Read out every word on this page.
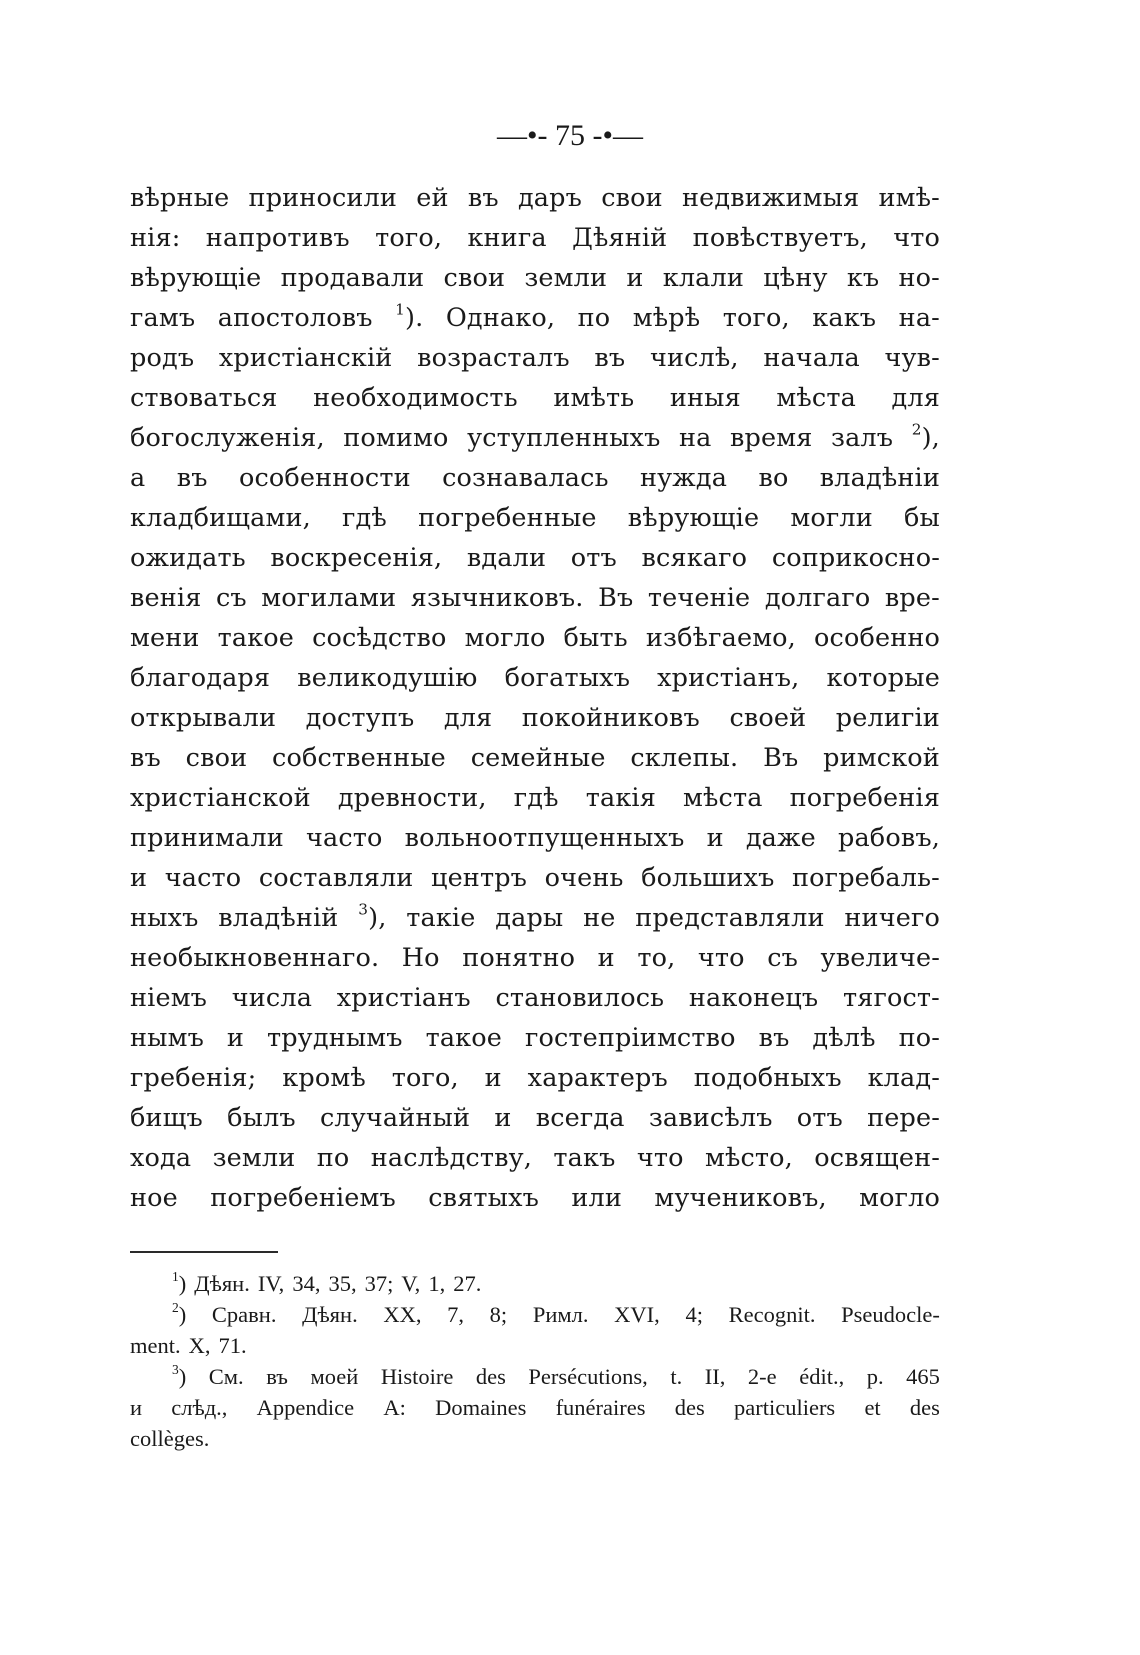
—•- 75 -•—
вѣрные приносили ей въ даръ свои недвижимыя имѣ-
нія: напротивъ того, книга Дѣяній повѣствуетъ, что
вѣрующіе продавали свои земли и клали цѣну къ но-
гамъ апостоловъ $^1$). Однако, по мѣрѣ того, какъ на-
родъ христіанскій возрасталъ въ числѣ, начала чув-
ствоваться необходимость имѣть иныя мѣста для
богослуженія, помимо уступленныхъ на время залъ $^2$),
а въ особенности сознавалась нужда во владѣніи
кладбищами, гдѣ погребенные вѣрующіе могли бы
ожидать воскресенія, вдали отъ всякаго соприкосно-
венія съ могилами язычниковъ. Въ теченіе долгаго вре-
мени такое сосѣдство могло быть избѣгаемо, особенно
благодаря великодушію богатыхъ христіанъ, которые
открывали доступъ для покойниковъ своей религіи
въ свои собственные семейные склепы. Въ римской
христіанской древности, гдѣ такія мѣста погребенія
принимали часто вольноотпущенныхъ и даже рабовъ,
и часто составляли центръ очень большихъ погребаль-
ныхъ владѣній $^3$), такіе дары не представляли ничего
необыкновеннаго. Но понятно и то, что съ увеличе-
ніемъ числа христіанъ становилось наконецъ тягост-
нымъ и труднымъ такое гостепріимство въ дѣлѣ по-
гребенія; кромѣ того, и характеръ подобныхъ клад-
бищъ былъ случайный и всегда зависѣлъ отъ пере-
хода земли по наслѣдству, такъ что мѣсто, освящен-
ное погребеніемъ святыхъ или мучениковъ, могло
$^1$) Дѣян. IV, 34, 35, 37; V, 1, 27.
$^2$) Сравн. Дѣян. XX, 7, 8; Римл. XVI, 4; Recognit. Pseudocle-
ment. X, 71.
$^3$) См. въ моей Histoire des Persécutions, t. II, 2-e édit., p. 465
и слѣд., Appendice A: Domaines funéraires des particuliers et des
collèges.
